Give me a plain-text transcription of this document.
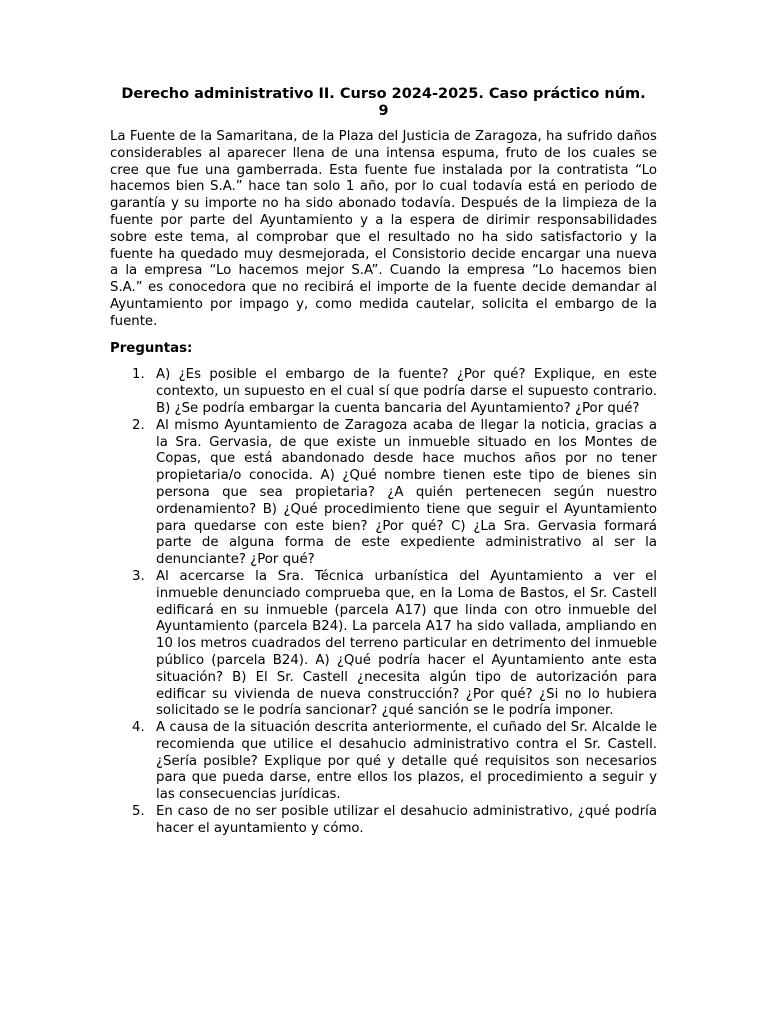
Derecho administrativo II. Curso 2024-2025. Caso práctico núm. 9

La Fuente de la Samaritana, de la Plaza del Justicia de Zaragoza, ha sufrido daños considerables al aparecer llena de una intensa espuma, fruto de los cuales se cree que fue una gamberrada. Esta fuente fue instalada por la contratista “Lo hacemos bien S.A.” hace tan solo 1 año, por lo cual todavía está en periodo de garantía y su importe no ha sido abonado todavía. Después de la limpieza de la fuente por parte del Ayuntamiento y a la espera de dirimir responsabilidades sobre este tema, al comprobar que el resultado no ha sido satisfactorio y la fuente ha quedado muy desmejorada, el Consistorio decide encargar una nueva a la empresa “Lo hacemos mejor S.A”. Cuando la empresa “Lo hacemos bien S.A.” es conocedora que no recibirá el importe de la fuente decide demandar al Ayuntamiento por impago y, como medida cautelar, solicita el embargo de la fuente.

Preguntas:
1. A) ¿Es posible el embargo de la fuente? ¿Por qué? Explique, en este contexto, un supuesto en el cual sí que podría darse el supuesto contrario. B) ¿Se podría embargar la cuenta bancaria del Ayuntamiento? ¿Por qué?
2. Al mismo Ayuntamiento de Zaragoza acaba de llegar la noticia, gracias a la Sra. Gervasia, de que existe un inmueble situado en los Montes de Copas, que está abandonado desde hace muchos años por no tener propietaria/o conocida. A) ¿Qué nombre tienen este tipo de bienes sin persona que sea propietaria? ¿A quién pertenecen según nuestro ordenamiento? B) ¿Qué procedimiento tiene que seguir el Ayuntamiento para quedarse con este bien? ¿Por qué? C) ¿La Sra. Gervasia formará parte de alguna forma de este expediente administrativo al ser la denunciante? ¿Por qué?
3. Al acercarse la Sra. Técnica urbanística del Ayuntamiento a ver el inmueble denunciado comprueba que, en la Loma de Bastos, el Sr. Castell edificará en su inmueble (parcela A17) que linda con otro inmueble del Ayuntamiento (parcela B24). La parcela A17 ha sido vallada, ampliando en 10 los metros cuadrados del terreno particular en detrimento del inmueble público (parcela B24). A) ¿Qué podría hacer el Ayuntamiento ante esta situación? B) El Sr. Castell ¿necesita algún tipo de autorización para edificar su vivienda de nueva construcción? ¿Por qué? ¿Si no lo hubiera solicitado se le podría sancionar? ¿qué sanción se le podría imponer.
4. A causa de la situación descrita anteriormente, el cuñado del Sr. Alcalde le recomienda que utilice el desahucio administrativo contra el Sr. Castell. ¿Sería posible? Explique por qué y detalle qué requisitos son necesarios para que pueda darse, entre ellos los plazos, el procedimiento a seguir y las consecuencias jurídicas.
5. En caso de no ser posible utilizar el desahucio administrativo, ¿qué podría hacer el ayuntamiento y cómo.
